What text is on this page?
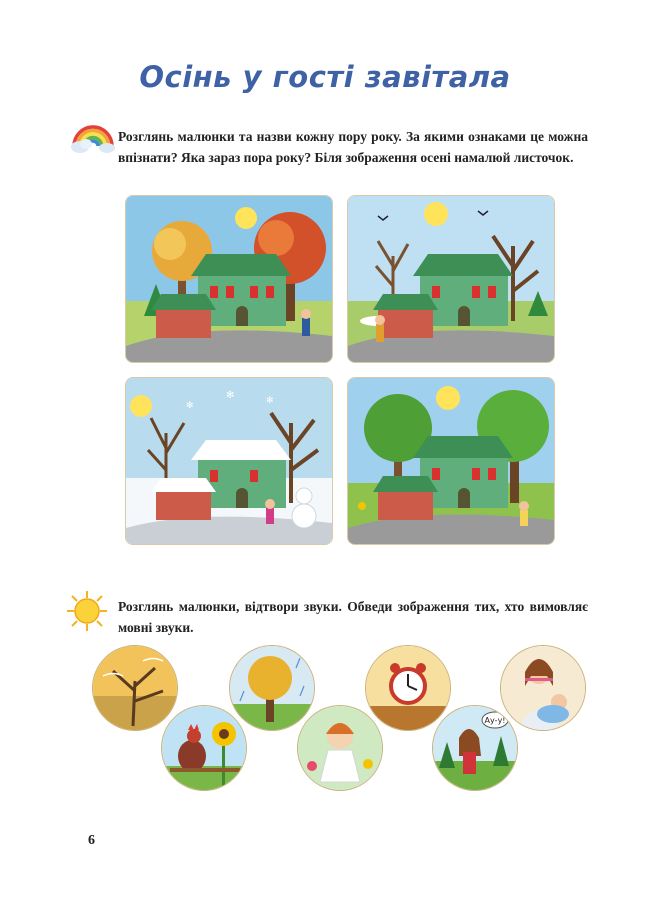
Осінь у гості завітала
Розглянь малюнки та назви кожну пору року. За якими ознаками це можна впізнати? Яка зараз пора року? Біля зображення осені намалюй листочок.
✻
✻	✻
Розглянь малюнки, відтвори звуки. Обведи зображення тих, хто вимовляє мовні звуки.
Ау-у!
6
